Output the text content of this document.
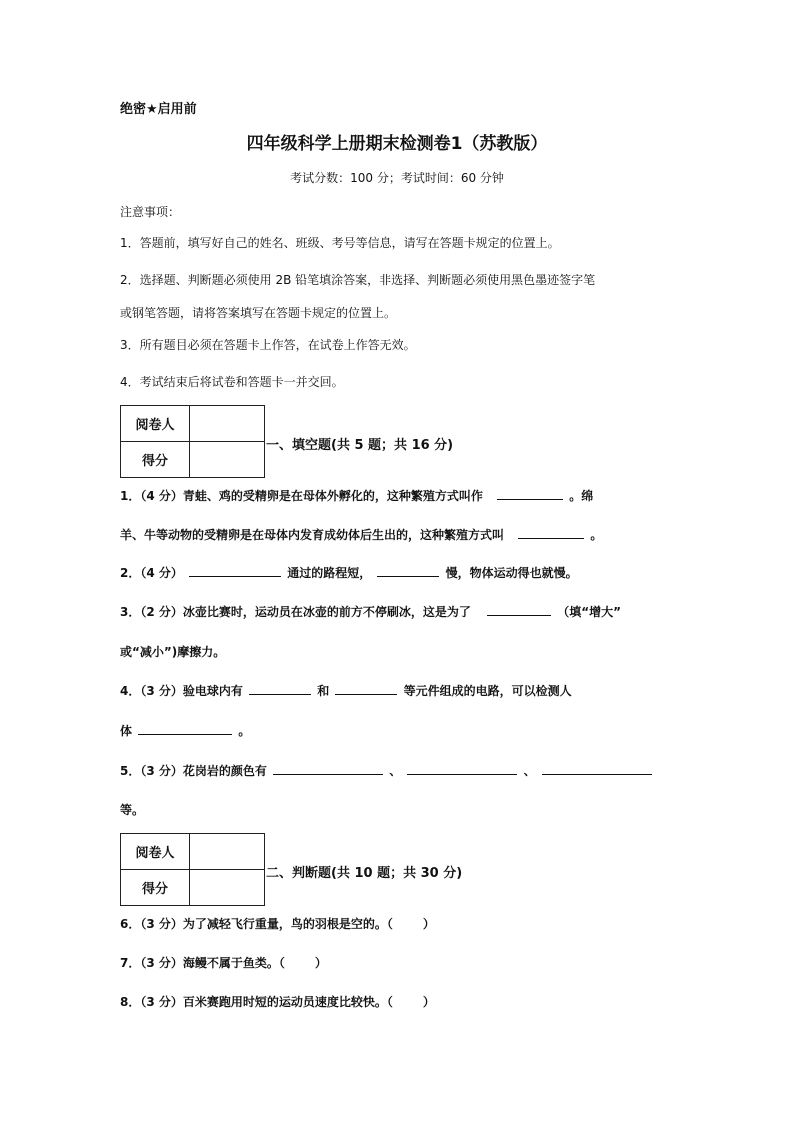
绝密★启用前
四年级科学上册期末检测卷1（苏教版）
考试分数：100 分；考试时间：60 分钟
注意事项：
1．答题前，填写好自己的姓名、班级、考号等信息，请写在答题卡规定的位置上。
2．选择题、判断题必须使用 2B 铅笔填涂答案，非选择、判断题必须使用黑色墨迹签字笔
或钢笔答题，请将答案填写在答题卡规定的位置上。
3．所有题目必须在答题卡上作答，在试卷上作答无效。
4．考试结束后将试卷和答题卡一并交回。
阅卷人	
得分	
一、填空题(共 5 题；共 16 分)
1．（4 分）青蛙、鸡的受精卵是在母体外孵化的，这种繁殖方式叫作	。绵
羊、牛等动物的受精卵是在母体内发育成幼体后生出的，这种繁殖方式叫	。
2．（4 分）	通过的路程短，	慢，物体运动得也就慢。
3．（2 分）冰壶比赛时，运动员在冰壶的前方不停刷冰，这是为了	（填“增大”
或“减小”)摩擦力。
4．（3 分）验电球内有	和	等元件组成的电路，可以检测人
体	。
5．（3 分）花岗岩的颜色有	、	、
等。
阅卷人	
得分	
二、判断题(共 10 题；共 30 分)
6．（3 分）为了减轻飞行重量，鸟的羽根是空的。（	）
7．（3 分）海鳗不属于鱼类。（	）
8．（3 分）百米赛跑用时短的运动员速度比较快。（	）
